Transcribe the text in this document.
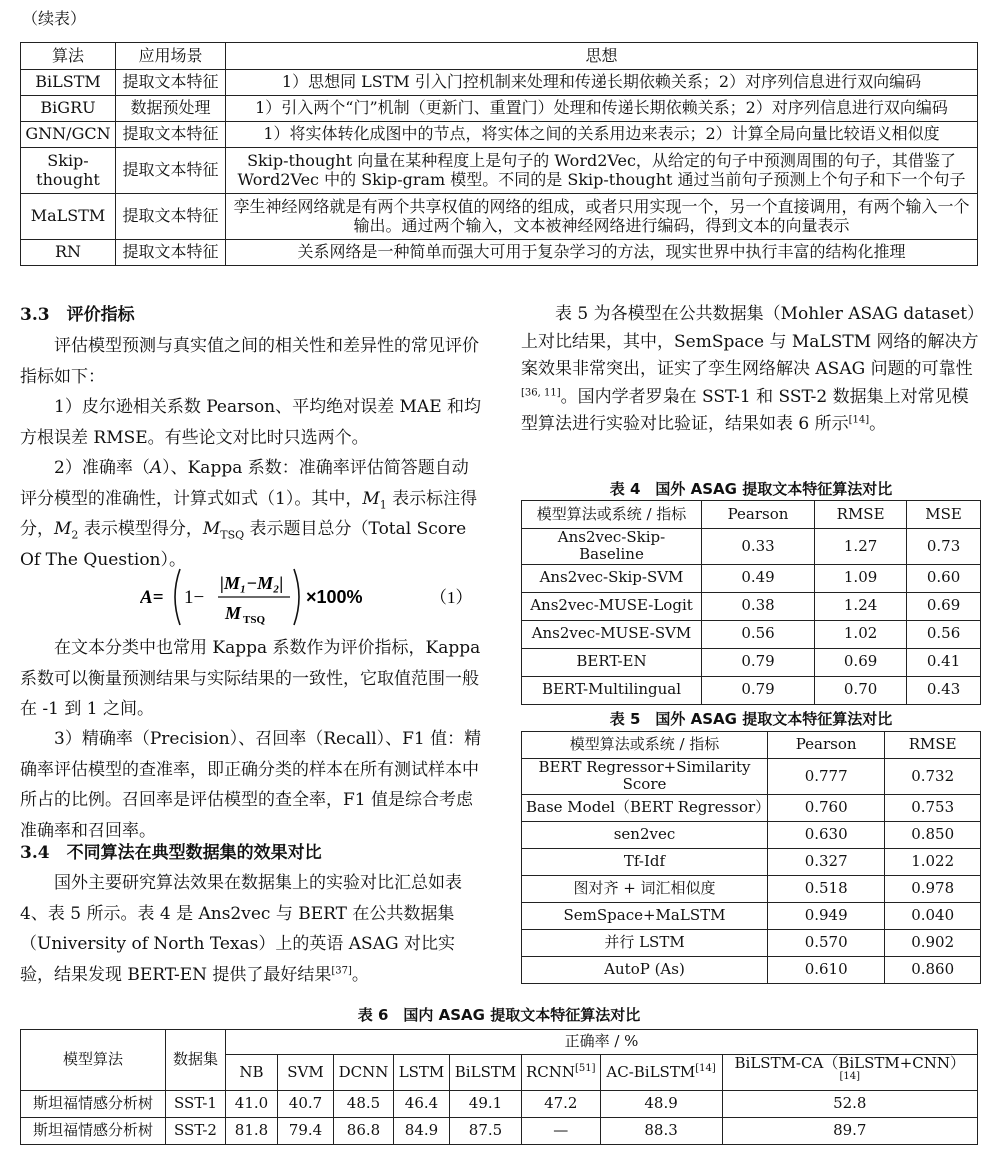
（续表）
算法	应用场景	思想
BiLSTM	提取文本特征	1）思想同 LSTM 引入门控机制来处理和传递长期依赖关系；2）对序列信息进行双向编码
BiGRU	数据预处理	1）引入两个“门”机制（更新门、重置门）处理和传递长期依赖关系；2）对序列信息进行双向编码
GNN/GCN	提取文本特征	1）将实体转化成图中的节点，将实体之间的关系用边来表示；2）计算全局向量比较语义相似度
Skip-thought	提取文本特征	Skip-thought 向量在某种程度上是句子的 Word2Vec，从给定的句子中预测周围的句子，其借鉴了 Word2Vec 中的 Skip-gram 模型。不同的是 Skip-thought 通过当前句子预测上个句子和下一个句子
MaLSTM	提取文本特征	孪生神经网络就是有两个共享权值的网络的组成，或者只用实现一个，另一个直接调用，有两个输入一个输出。通过两个输入，文本被神经网络进行编码，得到文本的向量表示
RN	提取文本特征	关系网络是一种简单而强大可用于复杂学习的方法，现实世界中执行丰富的结构化推理
3.3　评价指标
评估模型预测与真实值之间的相关性和差异性的常见评价指标如下：
1）皮尔逊相关系数 Pearson、平均绝对误差 MAE 和均方根误差 RMSE。有些论文对比时只选两个。
2）准确率（A）、Kappa 系数：准确率评估简答题自动评分模型的准确性，计算式如式（1）。其中，$M_1$ 表示标注得分，$M_2$ 表示模型得分，$M_{TSQ}$ 表示题目总分（Total Score Of The Question）。
A= 1−
|M₁−M₂|
M TSQ
×100%	（1）
在文本分类中也常用 Kappa 系数作为评价指标，Kappa 系数可以衡量预测结果与实际结果的一致性，它取值范围一般在 -1 到 1 之间。
3）精确率（Precision）、召回率（Recall）、F1 值：精确率评估模型的查准率，即正确分类的样本在所有测试样本中所占的比例。召回率是评估模型的查全率，F1 值是综合考虑准确率和召回率。
3.4　不同算法在典型数据集的效果对比
国外主要研究算法效果在数据集上的实验对比汇总如表 4、表 5 所示。表 4 是 Ans2vec 与 BERT 在公共数据集（University of North Texas）上的英语 ASAG 对比实验，结果发现 BERT-EN 提供了最好结果[37]。
表 5 为各模型在公共数据集（Mohler ASAG dataset）上对比结果，其中，SemSpace 与 MaLSTM 网络的解决方案效果非常突出，证实了孪生网络解决 ASAG 问题的可靠性[36, 11]。国内学者罗枭在 SST-1 和 SST-2 数据集上对常见模型算法进行实验对比验证，结果如表 6 所示[14]。
表 4　国外 ASAG 提取文本特征算法对比
模型算法或系统 / 指标	Pearson	RMSE	MSE
Ans2vec-Skip-Baseline	0.33	1.27	0.73
Ans2vec-Skip-SVM	0.49	1.09	0.60
Ans2vec-MUSE-Logit	0.38	1.24	0.69
Ans2vec-MUSE-SVM	0.56	1.02	0.56
BERT-EN	0.79	0.69	0.41
BERT-Multilingual	0.79	0.70	0.43
表 5　国外 ASAG 提取文本特征算法对比
模型算法或系统 / 指标	Pearson	RMSE
BERT Regressor+Similarity Score	0.777	0.732
Base Model（BERT Regressor）	0.760	0.753
sen2vec	0.630	0.850
Tf-Idf	0.327	1.022
图对齐 + 词汇相似度	0.518	0.978
SemSpace+MaLSTM	0.949	0.040
并行 LSTM	0.570	0.902
AutoP (As)	0.610	0.860
表 6　国内 ASAG 提取文本特征算法对比
模型算法	数据集	正确率 / %							
		NB	SVM	DCNN	LSTM	BiLSTM	RCNN[51]	AC-BiLSTM[14]	BiLSTM-CA（BiLSTM+CNN）[14]
斯坦福情感分析树	SST-1	41.0	40.7	48.5	46.4	49.1	47.2	48.9	52.8
斯坦福情感分析树	SST-2	81.8	79.4	86.8	84.9	87.5	—	88.3	89.7
